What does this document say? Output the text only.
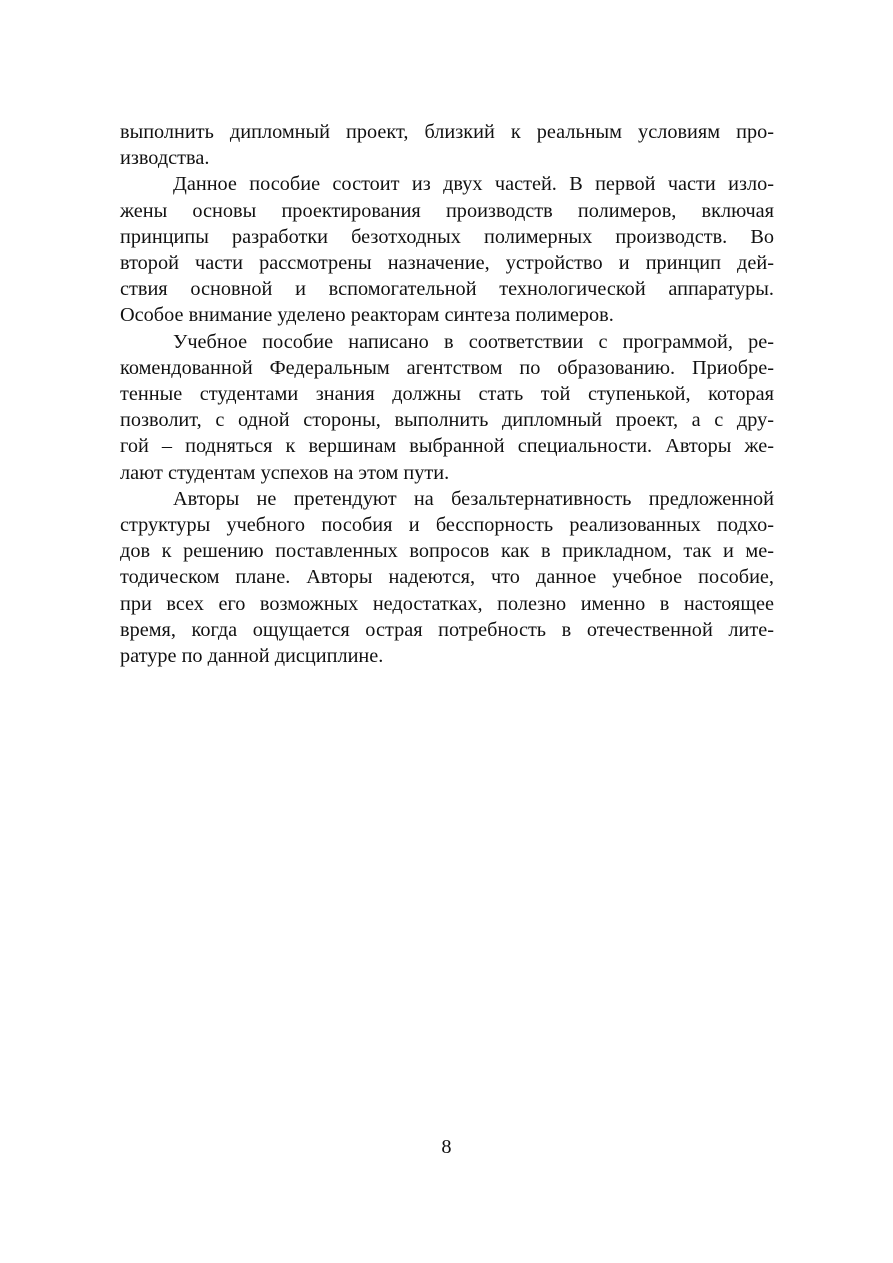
выполнить дипломный проект, близкий к реальным условиям про-
изводства.

Данное пособие состоит из двух частей. В первой части изло-
жены основы проектирования производств полимеров, включая
принципы разработки безотходных полимерных производств. Во
второй части рассмотрены назначение, устройство и принцип дей-
ствия основной и вспомогательной технологической аппаратуры.
Особое внимание уделено реакторам синтеза полимеров.

Учебное пособие написано в соответствии с программой, ре-
комендованной Федеральным агентством по образованию. Приобре-
тенные студентами знания должны стать той ступенькой, которая
позволит, с одной стороны, выполнить дипломный проект, а с дру-
гой – подняться к вершинам выбранной специальности. Авторы же-
лают студентам успехов на этом пути.

Авторы не претендуют на безальтернативность предложенной
структуры учебного пособия и бесспорность реализованных подхо-
дов к решению поставленных вопросов как в прикладном, так и ме-
тодическом плане. Авторы надеются, что данное учебное пособие,
при всех его возможных недостатках, полезно именно в настоящее
время, когда ощущается острая потребность в отечественной лите-
ратуре по данной дисциплине.

8
